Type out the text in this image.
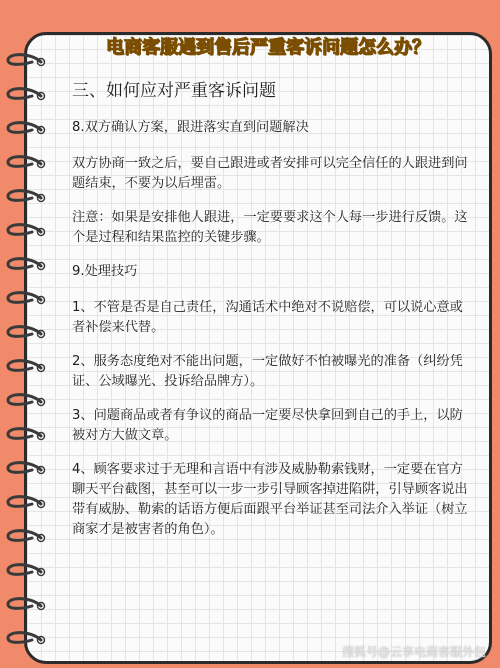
电商客服遇到售后严重客诉问题怎么办？
三、如何应对严重客诉问题
8.双方确认方案，跟进落实直到问题解决
双方协商一致之后，要自己跟进或者安排可以完全信任的人跟进到问题结束，不要为以后埋雷。
注意：如果是安排他人跟进，一定要要求这个人每一步进行反馈。这个是过程和结果监控的关键步骤。
9.处理技巧
1、不管是否是自己责任，沟通话术中绝对不说赔偿，可以说心意或者补偿来代替。
2、服务态度绝对不能出问题，一定做好不怕被曝光的准备（纠纷凭证、公域曝光、投诉给品牌方）。
3、问题商品或者有争议的商品一定要尽快拿回到自己的手上，以防被对方大做文章。
4、顾客要求过于无理和言语中有涉及威胁勒索钱财，一定要在官方聊天平台截图，甚至可以一步一步引导顾客掉进陷阱，引导顾客说出带有威胁、勒索的话语方便后面跟平台举证甚至司法介入举证（树立商家才是被害者的角色）。
搜狐号@云享电商客服外包
